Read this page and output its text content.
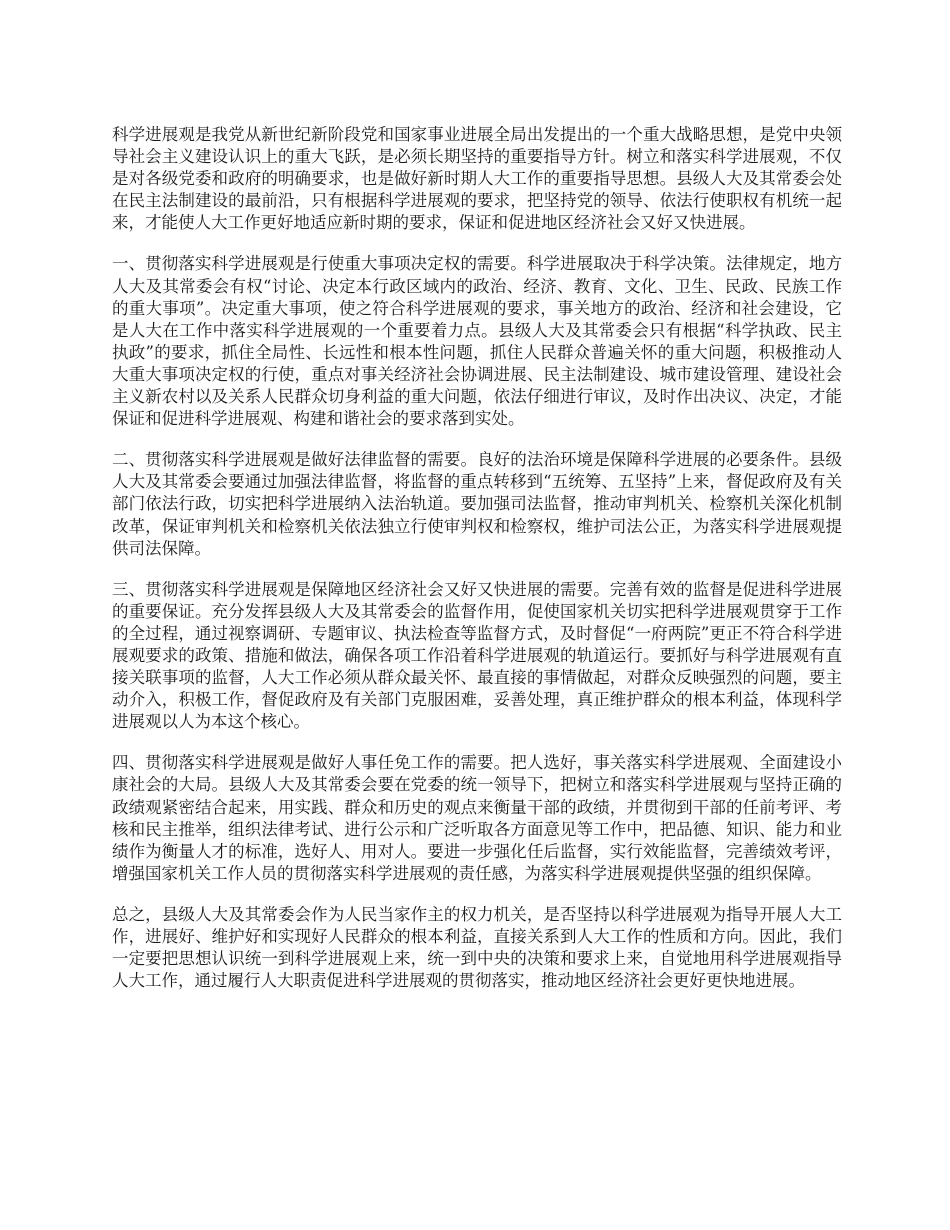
科学进展观是我党从新世纪新阶段党和国家事业进展全局出发提出的一个重大战略思想，是党中央领导社会主义建设认识上的重大飞跃，是必须长期坚持的重要指导方针。树立和落实科学进展观，不仅是对各级党委和政府的明确要求，也是做好新时期人大工作的重要指导思想。县级人大及其常委会处在民主法制建设的最前沿，只有根据科学进展观的要求，把坚持党的领导、依法行使职权有机统一起来，才能使人大工作更好地适应新时期的要求，保证和促进地区经济社会又好又快进展。

一、贯彻落实科学进展观是行使重大事项决定权的需要。科学进展取决于科学决策。法律规定，地方人大及其常委会有权“讨论、决定本行政区域内的政治、经济、教育、文化、卫生、民政、民族工作的重大事项”。决定重大事项，使之符合科学进展观的要求，事关地方的政治、经济和社会建设，它是人大在工作中落实科学进展观的一个重要着力点。县级人大及其常委会只有根据“科学执政、民主执政”的要求，抓住全局性、长远性和根本性问题，抓住人民群众普遍关怀的重大问题，积极推动人大重大事项决定权的行使，重点对事关经济社会协调进展、民主法制建设、城市建设管理、建设社会主义新农村以及关系人民群众切身利益的重大问题，依法仔细进行审议，及时作出决议、决定，才能保证和促进科学进展观、构建和谐社会的要求落到实处。

二、贯彻落实科学进展观是做好法律监督的需要。良好的法治环境是保障科学进展的必要条件。县级人大及其常委会要通过加强法律监督，将监督的重点转移到“五统筹、五坚持”上来，督促政府及有关部门依法行政，切实把科学进展纳入法治轨道。要加强司法监督，推动审判机关、检察机关深化机制改革，保证审判机关和检察机关依法独立行使审判权和检察权，维护司法公正，为落实科学进展观提供司法保障。

三、贯彻落实科学进展观是保障地区经济社会又好又快进展的需要。完善有效的监督是促进科学进展的重要保证。充分发挥县级人大及其常委会的监督作用，促使国家机关切实把科学进展观贯穿于工作的全过程，通过视察调研、专题审议、执法检查等监督方式，及时督促“一府两院”更正不符合科学进展观要求的政策、措施和做法，确保各项工作沿着科学进展观的轨道运行。要抓好与科学进展观有直接关联事项的监督，人大工作必须从群众最关怀、最直接的事情做起，对群众反映强烈的问题，要主动介入，积极工作，督促政府及有关部门克服困难，妥善处理，真正维护群众的根本利益，体现科学进展观以人为本这个核心。

四、贯彻落实科学进展观是做好人事任免工作的需要。把人选好，事关落实科学进展观、全面建设小康社会的大局。县级人大及其常委会要在党委的统一领导下，把树立和落实科学进展观与坚持正确的政绩观紧密结合起来，用实践、群众和历史的观点来衡量干部的政绩，并贯彻到干部的任前考评、考核和民主推举，组织法律考试、进行公示和广泛听取各方面意见等工作中，把品德、知识、能力和业绩作为衡量人才的标准，选好人、用对人。要进一步强化任后监督，实行效能监督，完善绩效考评，增强国家机关工作人员的贯彻落实科学进展观的责任感，为落实科学进展观提供坚强的组织保障。

总之，县级人大及其常委会作为人民当家作主的权力机关，是否坚持以科学进展观为指导开展人大工作，进展好、维护好和实现好人民群众的根本利益，直接关系到人大工作的性质和方向。因此，我们一定要把思想认识统一到科学进展观上来，统一到中央的决策和要求上来，自觉地用科学进展观指导人大工作，通过履行人大职责促进科学进展观的贯彻落实，推动地区经济社会更好更快地进展。
